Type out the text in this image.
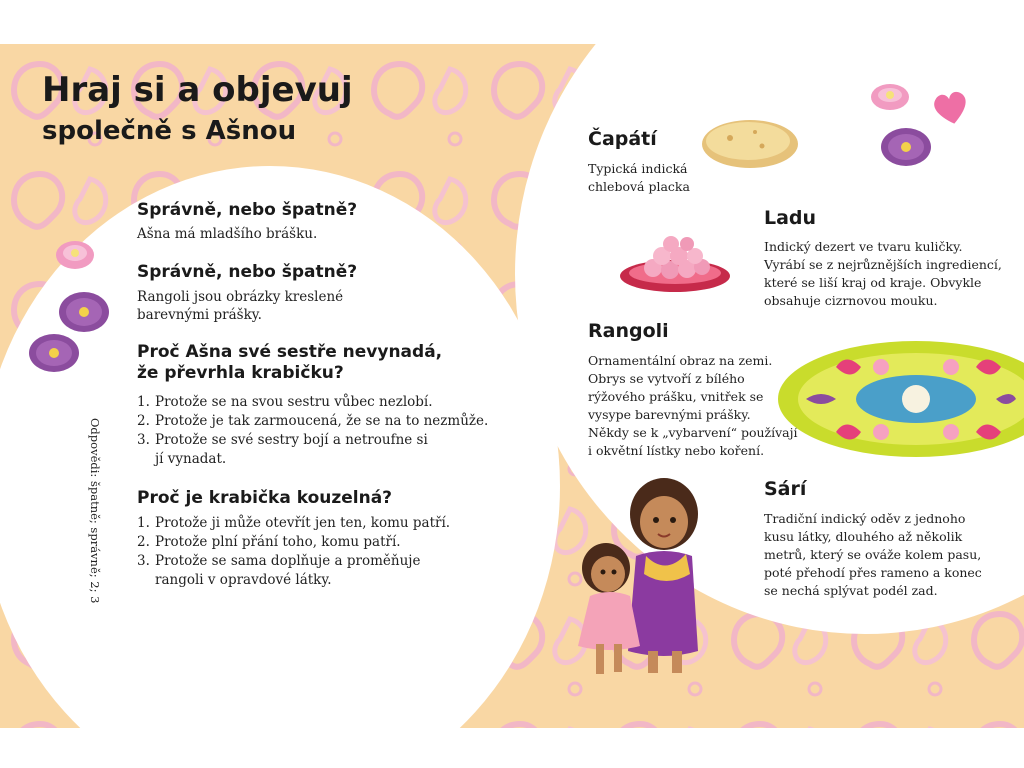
Hraj si a objevuj
společně s Ašnou
Správně, nebo špatně?
Ašna má mladšího brášku.
Správně, nebo špatně?
Rangoli jsou obrázky kreslené
barevnými prášky.
Proč Ašna své sestře nevynadá,
že převrhla krabičku?
1. Protože se na svou sestru vůbec nezlobí.
2. Protože je tak zarmoucená, že se na to nezmůže.
3. Protože se své sestry bojí a netroufne si
jí vynadat.
Proč je krabička kouzelná?
1. Protože ji může otevřít jen ten, komu patří.
2. Protože plní přání toho, komu patří.
3. Protože se sama doplňuje a proměňuje
rangoli v opravdové látky.
Odpovědi: špatně; správně; 2; 3
Čapátí
Typická indická
chlebová placka
Ladu
Indický dezert ve tvaru kuličky.
Vyrábí se z nejrůznějších ingrediencí,
které se liší kraj od kraje. Obvykle
obsahuje cizrnovou mouku.
Rangoli
Ornamentální obraz na zemi.
Obrys se vytvoří z bílého
rýžového prášku, vnitřek se
vysype barevnými prášky.
Někdy se k „vybarvení“ používají
i okvětní lístky nebo koření.
Sárí
Tradiční indický oděv z jednoho
kusu látky, dlouhého až několik
metrů, který se ováže kolem pasu,
poté přehodí přes rameno a konec
se nechá splývat podél zad.
